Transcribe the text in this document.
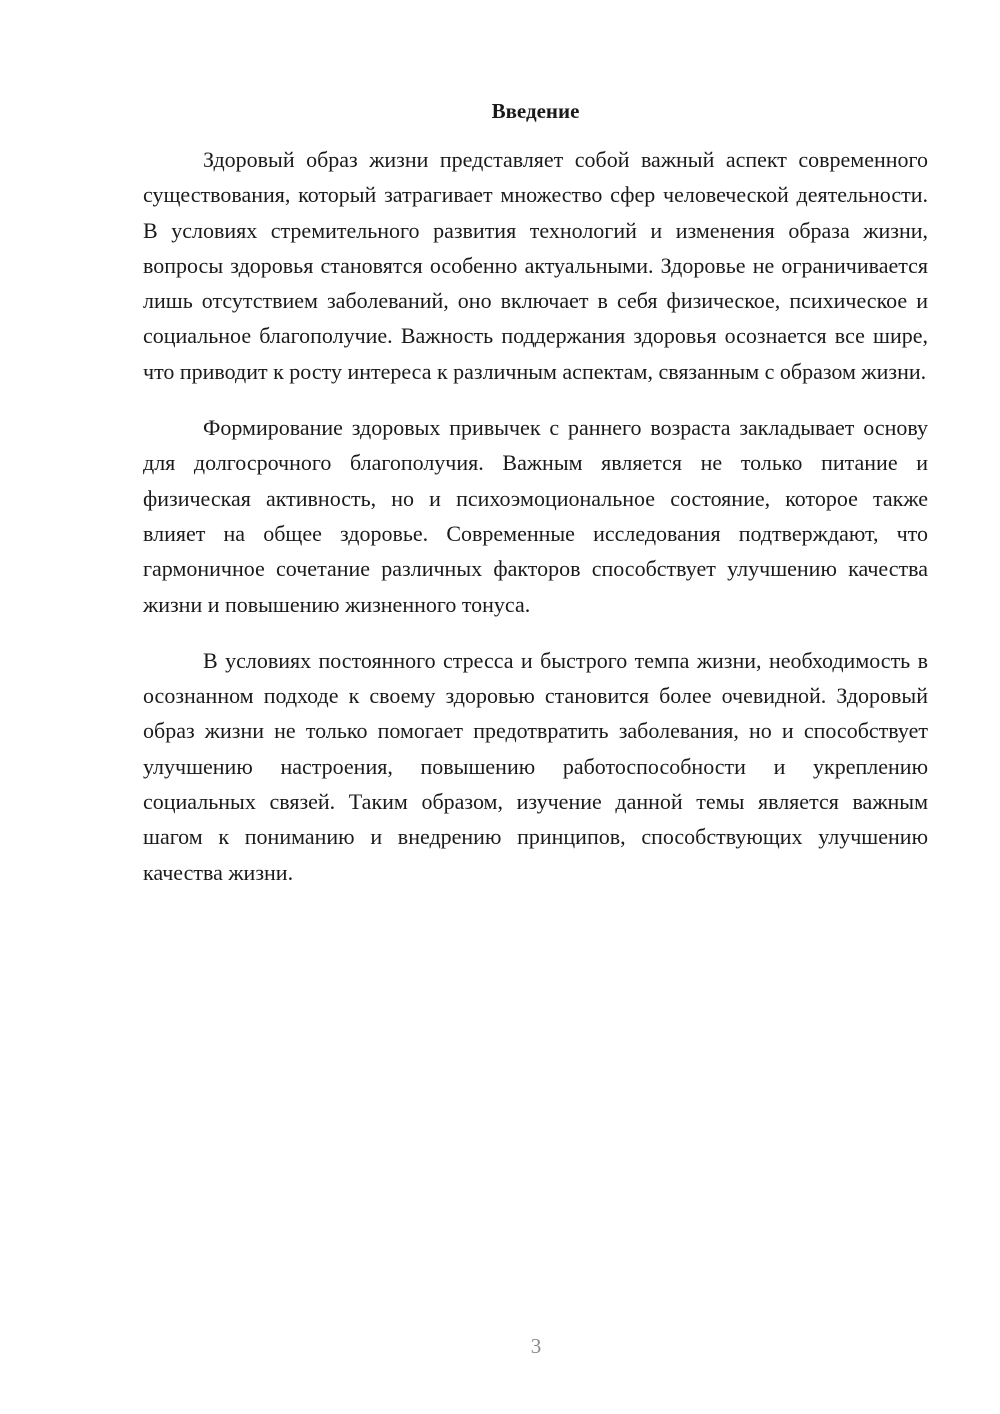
Введение

Здоровый образ жизни представляет собой важный аспект современного существования, который затрагивает множество сфер человеческой деятельности. В условиях стремительного развития технологий и изменения образа жизни, вопросы здоровья становятся особенно актуальными. Здоровье не ограничивается лишь отсутствием заболеваний, оно включает в себя физическое, психическое и социальное благополучие. Важность поддержания здоровья осознается все шире, что приводит к росту интереса к различным аспектам, связанным с образом жизни.

Формирование здоровых привычек с раннего возраста закладывает основу для долгосрочного благополучия. Важным является не только питание и физическая активность, но и психоэмоциональное состояние, которое также влияет на общее здоровье. Современные исследования подтверждают, что гармоничное сочетание различных факторов способствует улучшению качества жизни и повышению жизненного тонуса.

В условиях постоянного стресса и быстрого темпа жизни, необходимость в осознанном подходе к своему здоровью становится более очевидной. Здоровый образ жизни не только помогает предотвратить заболевания, но и способствует улучшению настроения, повышению работоспособности и укреплению социальных связей. Таким образом, изучение данной темы является важным шагом к пониманию и внедрению принципов, способствующих улучшению качества жизни.

3
